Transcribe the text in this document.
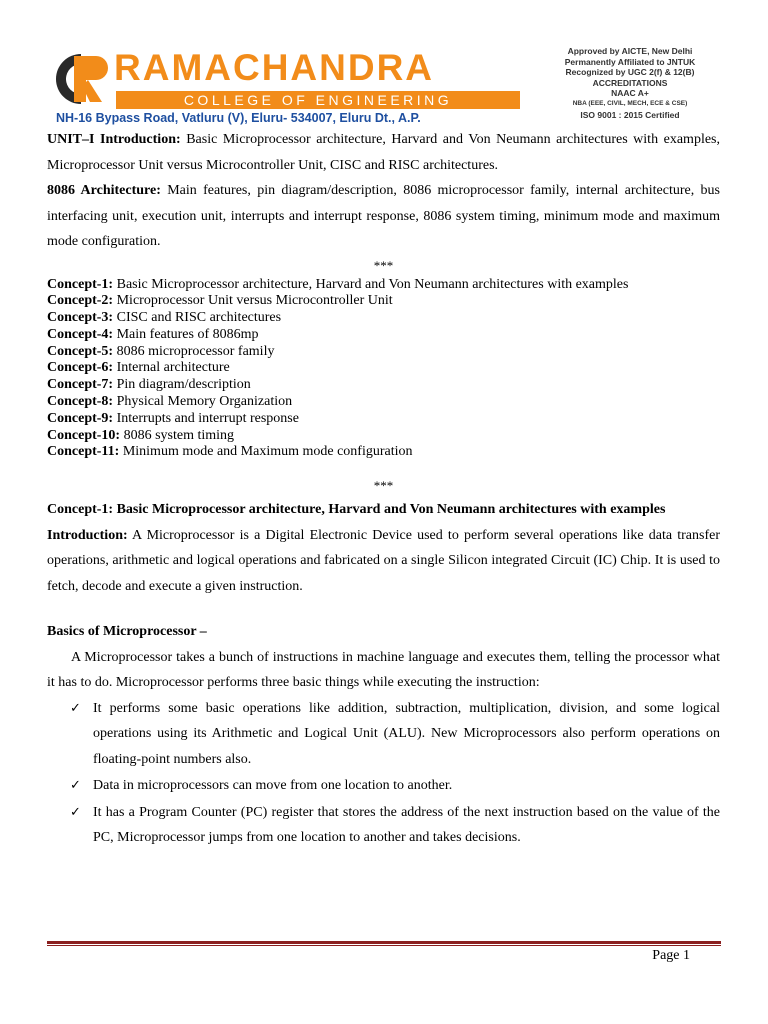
RAMACHANDRA
COLLEGE OF ENGINEERING
NH-16 Bypass Road, Vatluru (V), Eluru- 534007, Eluru Dt., A.P.
Approved by AICTE, New Delhi
Permanently Affiliated to JNTUK
Recognized by UGC 2(f) & 12(B)
ACCREDITATIONS
NAAC A+
NBA (EEE, CIVIL, MECH, ECE & CSE)
ISO 9001 : 2015 Certified

UNIT–I Introduction: Basic Microprocessor architecture, Harvard and Von Neumann architectures with examples, Microprocessor Unit versus Microcontroller Unit, CISC and RISC architectures.

8086 Architecture: Main features, pin diagram/description, 8086 microprocessor family, internal architecture, bus interfacing unit, execution unit, interrupts and interrupt response, 8086 system timing, minimum mode and maximum mode configuration.

***
Concept-1: Basic Microprocessor architecture, Harvard and Von Neumann architectures with examples
Concept-2: Microprocessor Unit versus Microcontroller Unit
Concept-3: CISC and RISC architectures
Concept-4: Main features of 8086mp
Concept-5: 8086 microprocessor family
Concept-6: Internal architecture
Concept-7: Pin diagram/description
Concept-8: Physical Memory Organization
Concept-9: Interrupts and interrupt response
Concept-10: 8086 system timing
Concept-11: Minimum mode and Maximum mode configuration
***

Concept-1: Basic Microprocessor architecture, Harvard and Von Neumann architectures with examples

Introduction: A Microprocessor is a Digital Electronic Device used to perform several operations like data transfer operations, arithmetic and logical operations and fabricated on a single Silicon integrated Circuit (IC) Chip. It is used to fetch, decode and execute a given instruction.

Basics of Microprocessor –

A Microprocessor takes a bunch of instructions in machine language and executes them, telling the processor what it has to do. Microprocessor performs three basic things while executing the instruction:

✓ It performs some basic operations like addition, subtraction, multiplication, division, and some logical operations using its Arithmetic and Logical Unit (ALU). New Microprocessors also perform operations on floating-point numbers also.
✓ Data in microprocessors can move from one location to another.
✓ It has a Program Counter (PC) register that stores the address of the next instruction based on the value of the PC, Microprocessor jumps from one location to another and takes decisions.
Page 1
